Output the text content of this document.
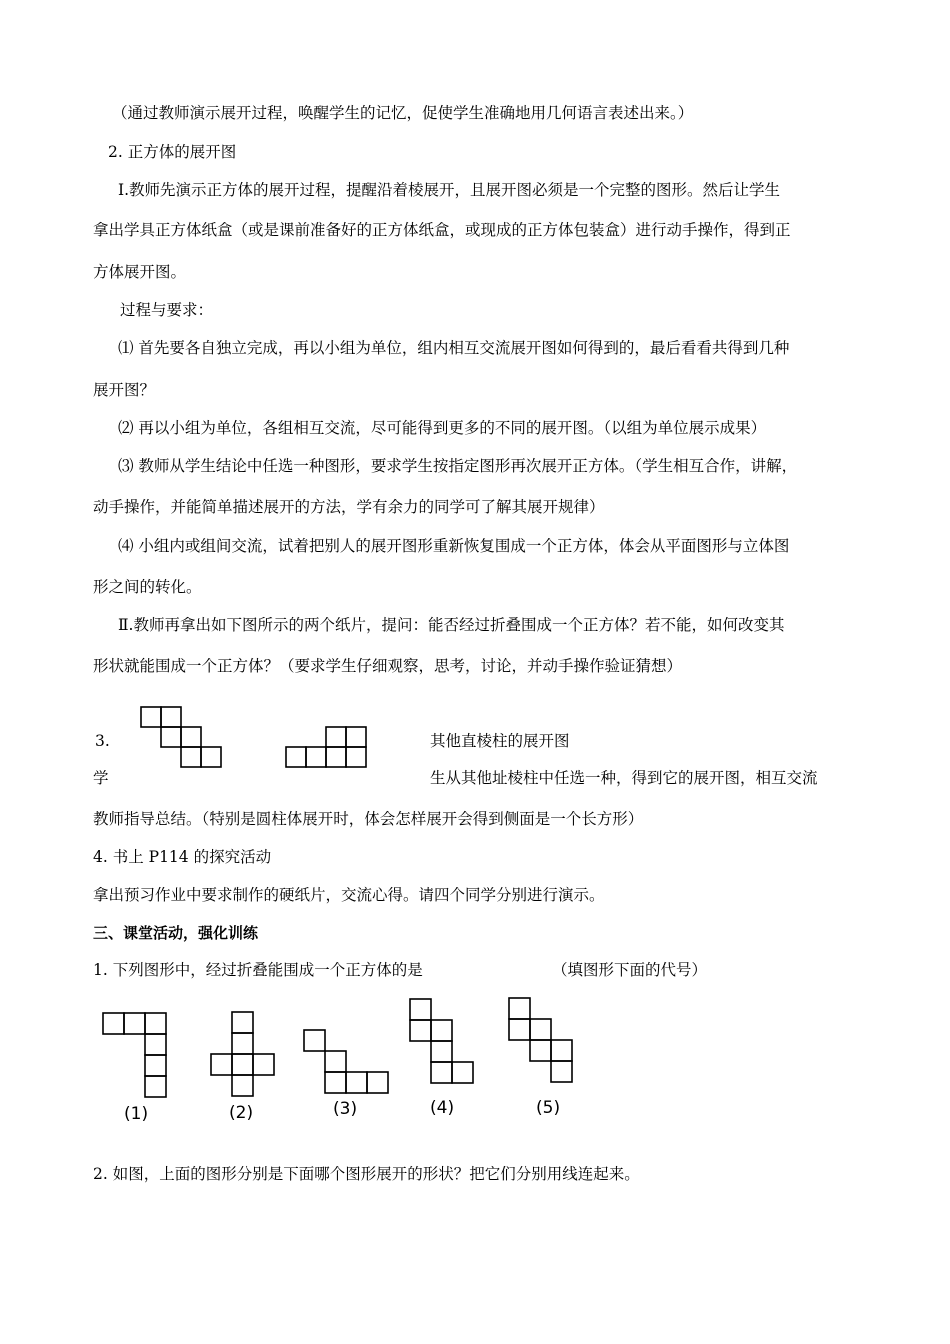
（通过教师演示展开过程，唤醒学生的记忆，促使学生准确地用几何语言表述出来。）
2. 正方体的展开图
Ⅰ.教师先演示正方体的展开过程，提醒沿着棱展开，且展开图必须是一个完整的图形。然后让学生
拿出学具正方体纸盒（或是课前准备好的正方体纸盒，或现成的正方体包装盒）进行动手操作，得到正
方体展开图。
过程与要求：
⑴ 首先要各自独立完成，再以小组为单位，组内相互交流展开图如何得到的，最后看看共得到几种
展开图？
⑵ 再以小组为单位，各组相互交流，尽可能得到更多的不同的展开图。（以组为单位展示成果）
⑶ 教师从学生结论中任选一种图形，要求学生按指定图形再次展开正方体。（学生相互合作，讲解，
动手操作，并能简单描述展开的方法，学有余力的同学可了解其展开规律）
⑷ 小组内或组间交流，试着把别人的展开图形重新恢复围成一个正方体，体会从平面图形与立体图
形之间的转化。
Ⅱ.教师再拿出如下图所示的两个纸片，提问：能否经过折叠围成一个正方体？若不能，如何改变其
形状就能围成一个正方体？（要求学生仔细观察，思考，讨论，并动手操作验证猜想）
3.	其他直棱柱的展开图
学	生从其他址棱柱中任选一种，得到它的展开图，相互交流
教师指导总结。（特别是圆柱体展开时，体会怎样展开会得到侧面是一个长方形）
4. 书上 P114 的探究活动
拿出预习作业中要求制作的硬纸片，交流心得。请四个同学分别进行演示。
三、课堂活动，强化训练
1. 下列图形中，经过折叠能围成一个正方体的是	（填图形下面的代号）
(1)	(2)	(3)	(4)	(5)
2. 如图，上面的图形分别是下面哪个图形展开的形状？把它们分别用线连起来。
